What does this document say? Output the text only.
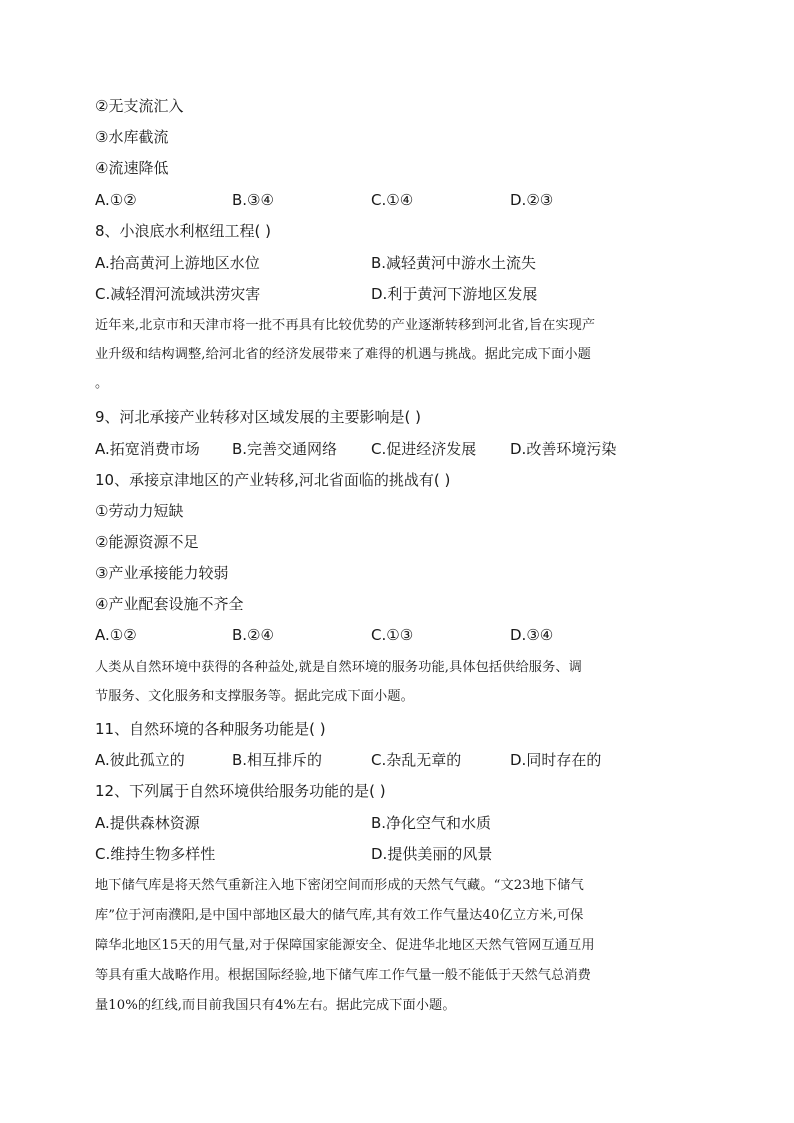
②无支流汇入
③水库截流
④流速降低
A.①②	B.③④	C.①④	D.②③
8、小浪底水利枢纽工程( )
A.抬高黄河上游地区水位	B.减轻黄河中游水土流失
C.减轻渭河流域洪涝灾害	D.利于黄河下游地区发展
近年来,北京市和天津市将一批不再具有比较优势的产业逐渐转移到河北省,旨在实现产
业升级和结构调整,给河北省的经济发展带来了难得的机遇与挑战。据此完成下面小题
。
9、河北承接产业转移对区域发展的主要影响是( )
A.拓宽消费市场 B.完善交通网络 C.促进经济发展 D.改善环境污染
10、承接京津地区的产业转移,河北省面临的挑战有( )
①劳动力短缺
②能源资源不足
③产业承接能力较弱
④产业配套设施不齐全
A.①②	B.②④	C.①③	D.③④
人类从自然环境中获得的各种益处,就是自然环境的服务功能,具体包括供给服务、调
节服务、文化服务和支撑服务等。据此完成下面小题。
11、自然环境的各种服务功能是( )
A.彼此孤立的	B.相互排斥的	C.杂乱无章的	D.同时存在的
12、下列属于自然环境供给服务功能的是( )
A.提供森林资源	B.净化空气和水质
C.维持生物多样性	D.提供美丽的风景
地下储气库是将天然气重新注入地下密闭空间而形成的天然气气藏。“文23地下储气
库”位于河南濮阳,是中国中部地区最大的储气库,其有效工作气量达40亿立方米,可保
障华北地区15天的用气量,对于保障国家能源安全、促进华北地区天然气管网互通互用
等具有重大战略作用。根据国际经验,地下储气库工作气量一般不能低于天然气总消费
量10%的红线,而目前我国只有4%左右。据此完成下面小题。
